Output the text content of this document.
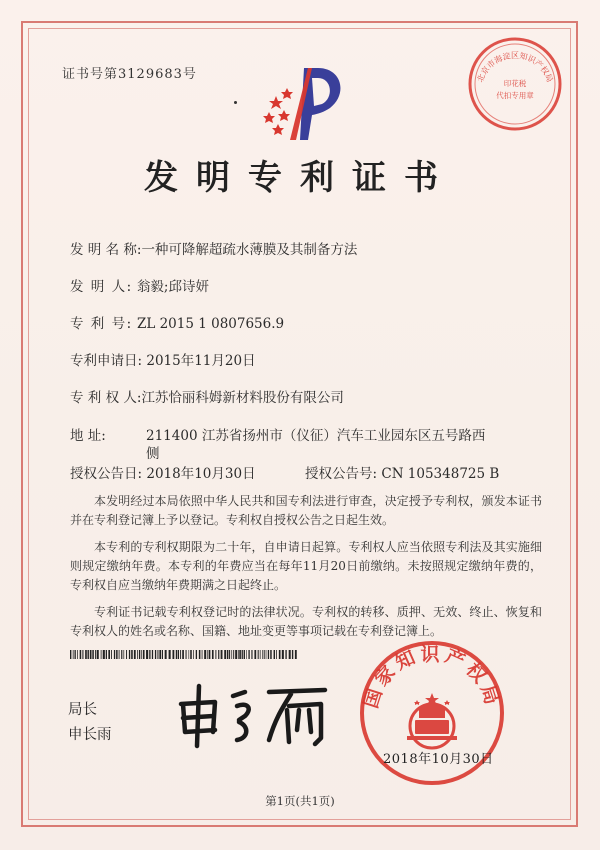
证书号第3129683号	北京市海淀区知识产权局
印花税
代扣专用章
发明专利证书
发 明 名 称:一种可降解超疏水薄膜及其制备方法
发 明 人: 翁毅;邱诗妍
专 利 号: ZL 2015 1 0807656.9
专利申请日: 2015年11月20日
专 利 权 人:江苏恰丽科姆新材料股份有限公司
地 址:	211400 江苏省扬州市（仪征）汽车工业园东区五号路西
侧
授权公告日: 2018年10月30日	授权公告号: CN 105348725 B

本发明经过本局依照中华人民共和国专利法进行审查，决定授予专利权，颁发本证书并在专利登记簿上予以登记。专利权自授权公告之日起生效。

本专利的专利权期限为二十年，自申请日起算。专利权人应当依照专利法及其实施细则规定缴纳年费。本专利的年费应当在每年11月20日前缴纳。未按照规定缴纳年费的，专利权自应当缴纳年费期满之日起终止。

专利证书记载专利权登记时的法律状况。专利权的转移、质押、无效、终止、恢复和专利权人的姓名或名称、国籍、地址变更等事项记载在专利登记簿上。

国家知识产权局
局长
申长雨
2018年10月30日
第1页(共1页)
